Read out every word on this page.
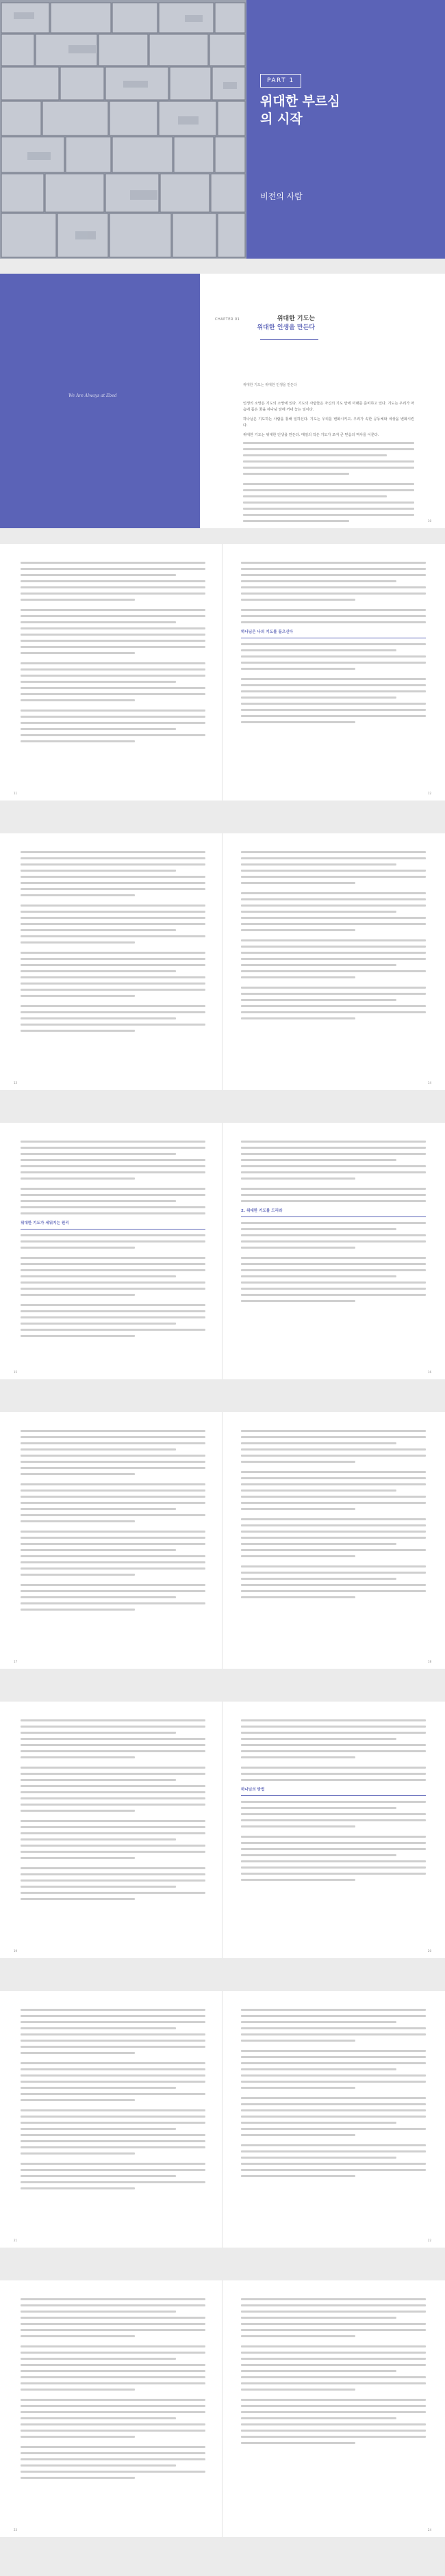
PART 1
위대한 부르심의 시작
비전의 사람
We Are Always at Ebed
CHAPTER 01	위대한 기도는
위대한 인생을 만든다
위대한 기도는 위대한 인생을 만든다

인생의 소망은 기도의 소망에 있다. 기도의 사람들은 자신의 기도 안에 미래를 준비하고 있다. 기도는 우리가 마음에 품은 꿈을 하나님 앞에 꺼내 놓는 일이다.

하나님은 기도하는 사람을 통해 일하신다. 기도는 우리를 변화시키고, 우리가 속한 공동체와 세상을 변화시킨다.

위대한 기도는 위대한 인생을 만든다. 매일의 작은 기도가 모여 큰 믿음의 역사를 이룬다.

10
하나님은 나의 기도를 들으신다
11	12
13	14
위대한 기도가 세워지는 원리
2. 위대한 기도를 드리라
15	16
17	18
하나님의 방법
19	20
21	22
23	24
